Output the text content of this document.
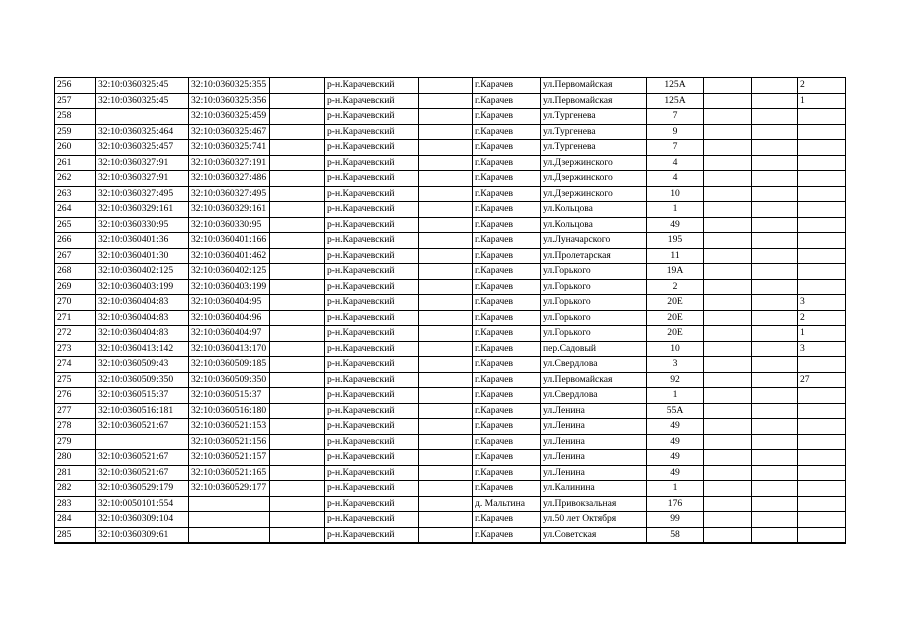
256	32:10:0360325:45	32:10:0360325:355		р-н.Карачевский		г.Карачев	ул.Первомайская	125А			2
257	32:10:0360325:45	32:10:0360325:356		р-н.Карачевский		г.Карачев	ул.Первомайская	125А			1
258		32:10:0360325:459		р-н.Карачевский		г.Карачев	ул.Тургенева	7			
259	32:10:0360325:464	32:10:0360325:467		р-н.Карачевский		г.Карачев	ул.Тургенева	9			
260	32:10:0360325:457	32:10:0360325:741		р-н.Карачевский		г.Карачев	ул.Тургенева	7			
261	32:10:0360327:91	32:10:0360327:191		р-н.Карачевский		г.Карачев	ул.Дзержинского	4			
262	32:10:0360327:91	32:10:0360327:486		р-н.Карачевский		г.Карачев	ул.Дзержинского	4			
263	32:10:0360327:495	32:10:0360327:495		р-н.Карачевский		г.Карачев	ул.Дзержинского	10			
264	32:10:0360329:161	32:10:0360329:161		р-н.Карачевский		г.Карачев	ул.Кольцова	1			
265	32:10:0360330:95	32:10:0360330:95		р-н.Карачевский		г.Карачев	ул.Кольцова	49			
266	32:10:0360401:36	32:10:0360401:166		р-н.Карачевский		г.Карачев	ул.Луначарского	195			
267	32:10:0360401:30	32:10:0360401:462		р-н.Карачевский		г.Карачев	ул.Пролетарская	11			
268	32:10:0360402:125	32:10:0360402:125		р-н.Карачевский		г.Карачев	ул.Горького	19А			
269	32:10:0360403:199	32:10:0360403:199		р-н.Карачевский		г.Карачев	ул.Горького	2			
270	32:10:0360404:83	32:10:0360404:95		р-н.Карачевский		г.Карачев	ул.Горького	20Е			3
271	32:10:0360404:83	32:10:0360404:96		р-н.Карачевский		г.Карачев	ул.Горького	20Е			2
272	32:10:0360404:83	32:10:0360404:97		р-н.Карачевский		г.Карачев	ул.Горького	20Е			1
273	32:10:0360413:142	32:10:0360413:170		р-н.Карачевский		г.Карачев	пер.Садовый	10			3
274	32:10:0360509:43	32:10:0360509:185		р-н.Карачевский		г.Карачев	ул.Свердлова	3			
275	32:10:0360509:350	32:10:0360509:350		р-н.Карачевский		г.Карачев	ул.Первомайская	92			27
276	32:10:0360515:37	32:10:0360515:37		р-н.Карачевский		г.Карачев	ул.Свердлова	1			
277	32:10:0360516:181	32:10:0360516:180		р-н.Карачевский		г.Карачев	ул.Ленина	55А			
278	32:10:0360521:67	32:10:0360521:153		р-н.Карачевский		г.Карачев	ул.Ленина	49			
279		32:10:0360521:156		р-н.Карачевский		г.Карачев	ул.Ленина	49			
280	32:10:0360521:67	32:10:0360521:157		р-н.Карачевский		г.Карачев	ул.Ленина	49			
281	32:10:0360521:67	32:10:0360521:165		р-н.Карачевский		г.Карачев	ул.Ленина	49			
282	32:10:0360529:179	32:10:0360529:177		р-н.Карачевский		г.Карачев	ул.Калинина	1			
283	32:10:0050101:554			р-н.Карачевский		д. Мальтина	ул.Привокзальная	176			
284	32:10:0360309:104			р-н.Карачевский		г.Карачев	ул.50 лет Октября	99			
285	32:10:0360309:61			р-н.Карачевский		г.Карачев	ул.Советская	58			
